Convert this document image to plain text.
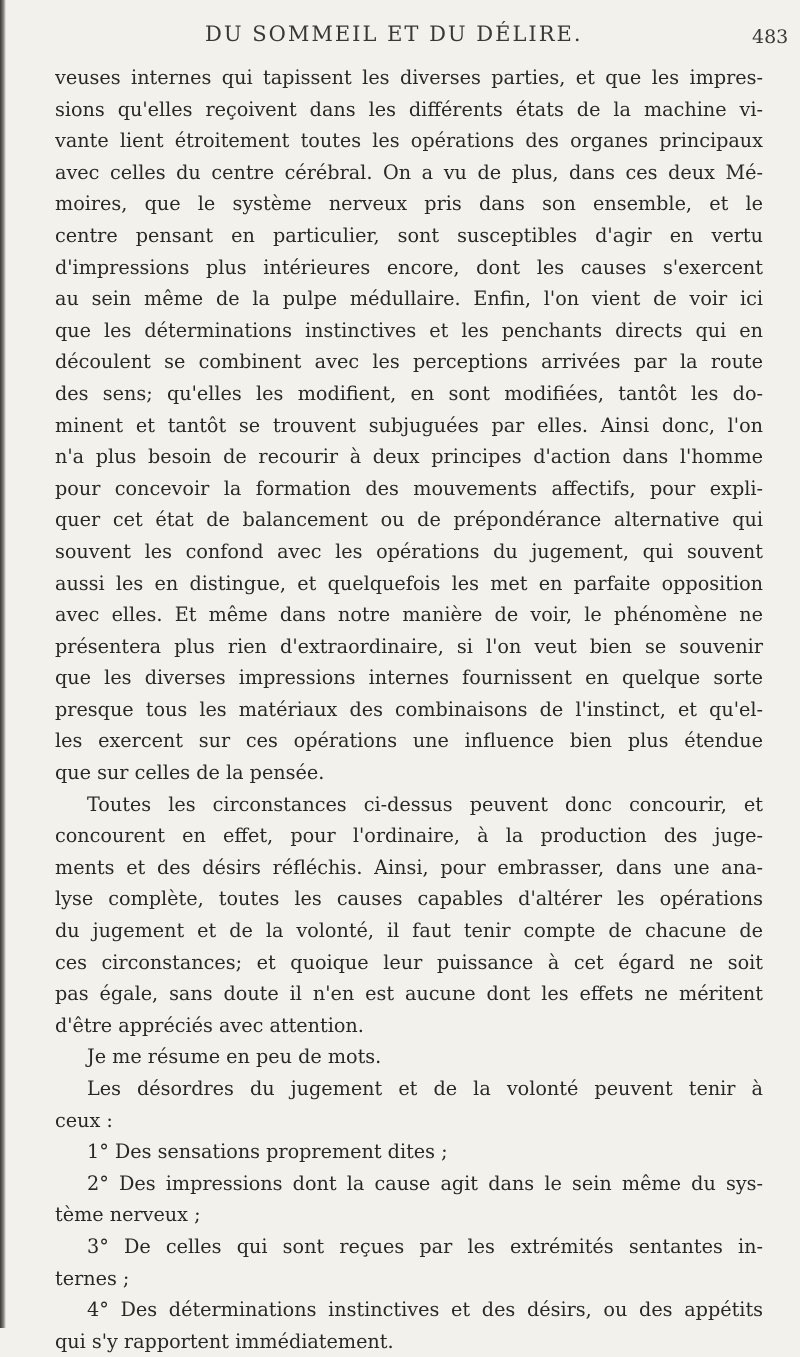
DU SOMMEIL ET DU DÉLIRE.	483
veuses internes qui tapissent les diverses parties, et que les impres-
sions qu'elles reçoivent dans les différents états de la machine vi-
vante lient étroitement toutes les opérations des organes principaux
avec celles du centre cérébral. On a vu de plus, dans ces deux Mé-
moires, que le système nerveux pris dans son ensemble, et le
centre pensant en particulier, sont susceptibles d'agir en vertu
d'impressions plus intérieures encore, dont les causes s'exercent
au sein même de la pulpe médullaire. Enfin, l'on vient de voir ici
que les déterminations instinctives et les penchants directs qui en
découlent se combinent avec les perceptions arrivées par la route
des sens; qu'elles les modifient, en sont modifiées, tantôt les do-
minent et tantôt se trouvent subjuguées par elles. Ainsi donc, l'on
n'a plus besoin de recourir à deux principes d'action dans l'homme
pour concevoir la formation des mouvements affectifs, pour expli-
quer cet état de balancement ou de prépondérance alternative qui
souvent les confond avec les opérations du jugement, qui souvent
aussi les en distingue, et quelquefois les met en parfaite opposition
avec elles. Et même dans notre manière de voir, le phénomène ne
présentera plus rien d'extraordinaire, si l'on veut bien se souvenir
que les diverses impressions internes fournissent en quelque sorte
presque tous les matériaux des combinaisons de l'instinct, et qu'el-
les exercent sur ces opérations une influence bien plus étendue
que sur celles de la pensée.
Toutes les circonstances ci-dessus peuvent donc concourir, et
concourent en effet, pour l'ordinaire, à la production des juge-
ments et des désirs réfléchis. Ainsi, pour embrasser, dans une ana-
lyse complète, toutes les causes capables d'altérer les opérations
du jugement et de la volonté, il faut tenir compte de chacune de
ces circonstances; et quoique leur puissance à cet égard ne soit
pas égale, sans doute il n'en est aucune dont les effets ne méritent
d'être appréciés avec attention.
Je me résume en peu de mots.
Les désordres du jugement et de la volonté peuvent tenir à
ceux :
1° Des sensations proprement dites ;
2° Des impressions dont la cause agit dans le sein même du sys-
tème nerveux ;
3° De celles qui sont reçues par les extrémités sentantes in-
ternes ;
4° Des déterminations instinctives et des désirs, ou des appétits
qui s'y rapportent immédiatement.
